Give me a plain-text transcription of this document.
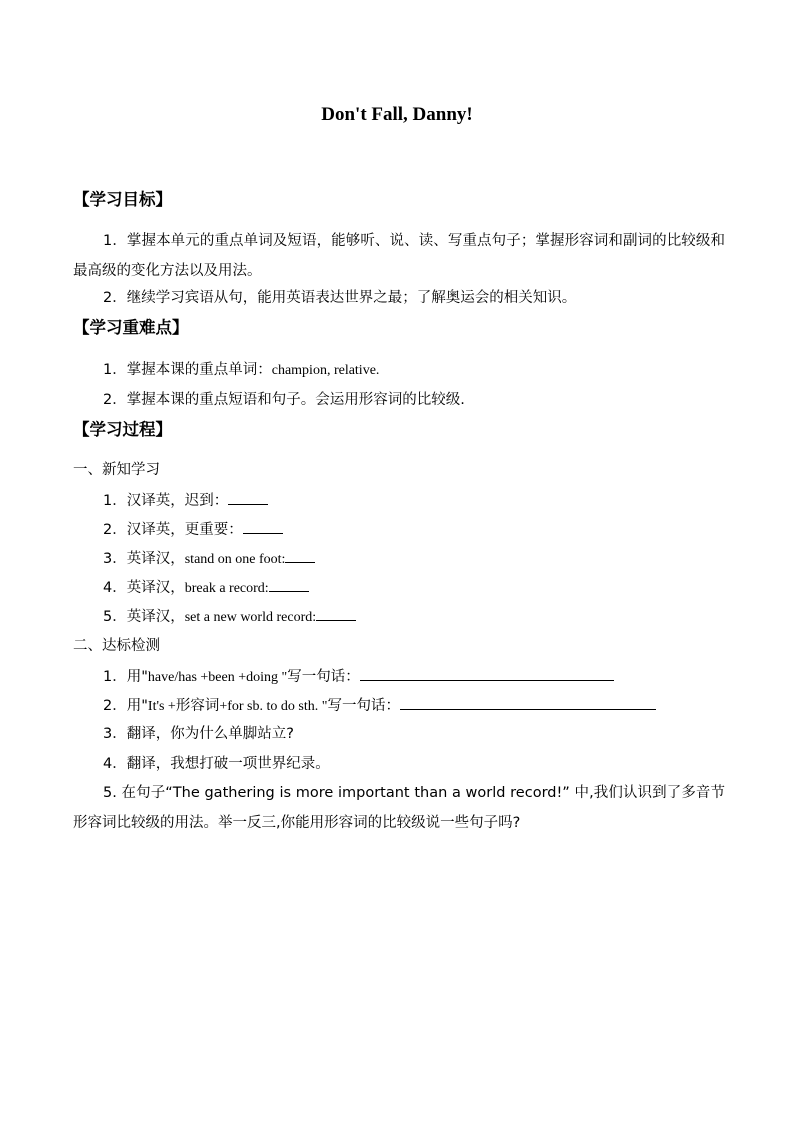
Don't Fall, Danny!
【学习目标】
1．掌握本单元的重点单词及短语，能够听、说、读、写重点句子；掌握形容词和副词的比较级和最高级的变化方法以及用法。
2．继续学习宾语从句，能用英语表达世界之最；了解奥运会的相关知识。
【学习重难点】
1．掌握本课的重点单词：champion, relative.
2．掌握本课的重点短语和句子。会运用形容词的比较级.
【学习过程】
一、新知学习
1．汉译英，迟到：
2．汉译英，更重要：
3．英译汉，stand on one foot:
4．英译汉，break a record:
5．英译汉，set a new world record:
二、达标检测
1．用"have/has +been +doing "写一句话：
2．用"It's +形容词+for sb. to do sth. "写一句话：
3．翻译，你为什么单脚站立?
4．翻译，我想打破一项世界纪录。
5. 在句子“The gathering is more important than a world record!” 中,我们认识到了多音节形容词比较级的用法。举一反三,你能用形容词的比较级说一些句子吗?
